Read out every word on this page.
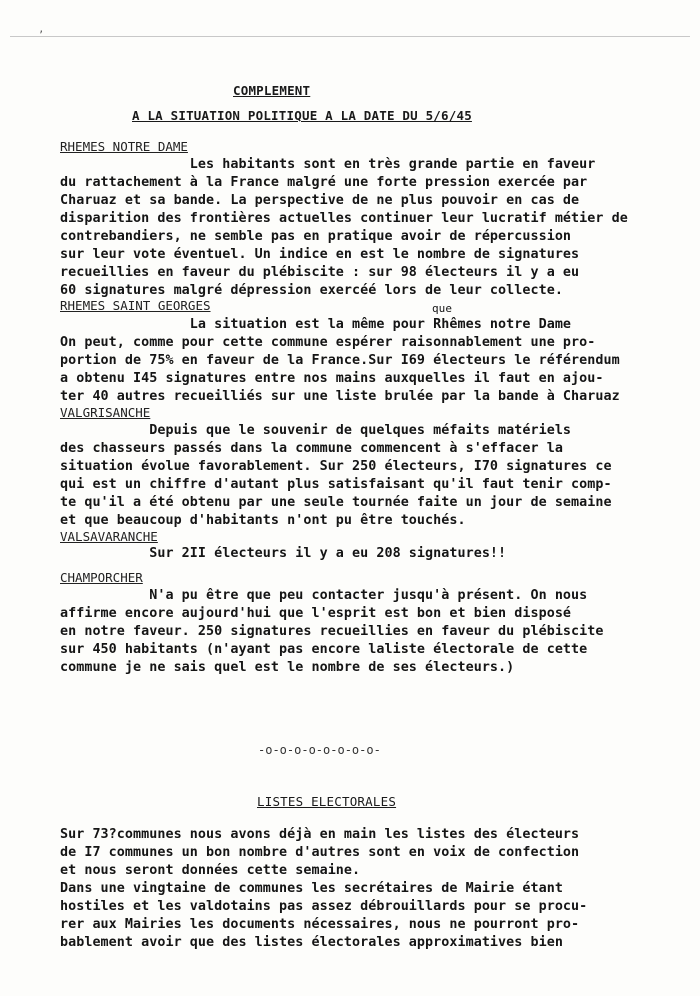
’
COMPLEMENT
A LA SITUATION POLITIQUE A LA DATE DU 5/6/45
RHEMES NOTRE DAME
Les habitants sont en très grande partie en faveur
du rattachement à la France malgré une forte pression exercée par
Charuaz et sa bande. La perspective de ne plus pouvoir en cas de
disparition des frontières actuelles continuer leur lucratif métier de
contrebandiers, ne semble pas en pratique avoir de répercussion
sur leur vote éventuel. Un indice en est le nombre de signatures
recueillies en faveur du plébiscite : sur 98 électeurs il y a eu
60 signatures malgré dépression exercéé lors de leur collecte.
RHEMES SAINT GEORGES	que
La situation est la même pour Rhêmes notre Dame
On peut, comme pour cette commune espérer raisonnablement une pro-
portion de 75% en faveur de la France.Sur I69 électeurs le référendum
a obtenu I45 signatures entre nos mains auxquelles il faut en ajou-
ter 40 autres recueilliés sur une liste brulée par la bande à Charuaz
VALGRISANCHE
Depuis que le souvenir de quelques méfaits matériels
des chasseurs passés dans la commune commencent à s'effacer la
situation évolue favorablement. Sur 250 électeurs, I70 signatures ce
qui est un chiffre d'autant plus satisfaisant qu'il faut tenir comp-
te qu'il a été obtenu par une seule tournée faite un jour de semaine
et que beaucoup d'habitants n'ont pu être touchés.
VALSAVARANCHE
Sur 2II électeurs il y a eu 208 signatures!!
CHAMPORCHER
N'a pu être que peu contacter jusqu'à présent. On nous
affirme encore aujourd'hui que l'esprit est bon et bien disposé
en notre faveur. 250 signatures recueillies en faveur du plébiscite
sur 450 habitants (n'ayant pas encore laliste électorale de cette
commune je ne sais quel est le nombre de ses électeurs.)
-o-o-o-o-o-o-o-o-
LISTES ELECTORALES
Sur 73?communes nous avons déjà en main les listes des électeurs
de I7 communes un bon nombre d'autres sont en voix de confection
et nous seront données cette semaine.
Dans une vingtaine de communes les secrétaires de Mairie étant
hostiles et les valdotains pas assez débrouillards pour se procu-
rer aux Mairies les documents nécessaires, nous ne pourront pro-
bablement avoir que des listes électorales approximatives bien
